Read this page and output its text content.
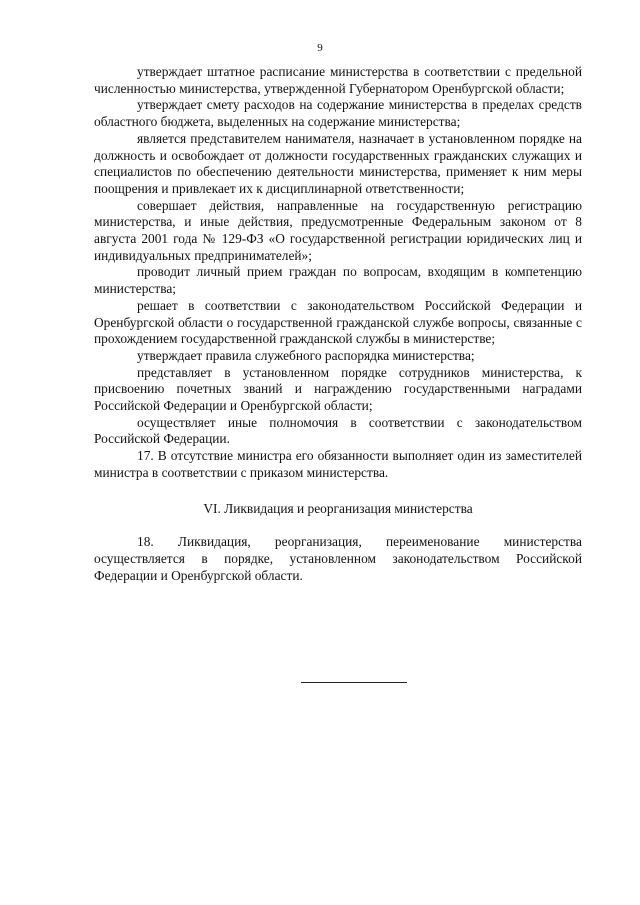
9

утверждает штатное расписание министерства в соответствии с предельной численностью министерства, утвержденной Губернатором Оренбургской области;

утверждает смету расходов на содержание министерства в пределах средств областного бюджета, выделенных на содержание министерства;

является представителем нанимателя, назначает в установленном порядке на должность и освобождает от должности государственных гражданских служащих и специалистов по обеспечению деятельности министерства, применяет к ним меры поощрения и привлекает их к дисциплинарной ответственности;

совершает действия, направленные на государственную регистрацию министерства, и иные действия, предусмотренные Федеральным законом от 8 августа 2001 года № 129-ФЗ «О государственной регистрации юридических лиц и индивидуальных предпринимателей»;

проводит личный прием граждан по вопросам, входящим в компетенцию министерства;

решает в соответствии с законодательством Российской Федерации и Оренбургской области о государственной гражданской службе вопросы, связанные с прохождением государственной гражданской службы в министерстве;

утверждает правила служебного распорядка министерства;

представляет в установленном порядке сотрудников министерства, к присвоению почетных званий и награждению государственными наградами Российской Федерации и Оренбургской области;

осуществляет иные полномочия в соответствии с законодательством Российской Федерации.

17. В отсутствие министра его обязанности выполняет один из заместителей министра в соответствии с приказом министерства.

VI. Ликвидация и реорганизация министерства

18. Ликвидация, реорганизация, переименование министерства осуществляется в порядке, установленном законодательством Российской Федерации и Оренбургской области.
